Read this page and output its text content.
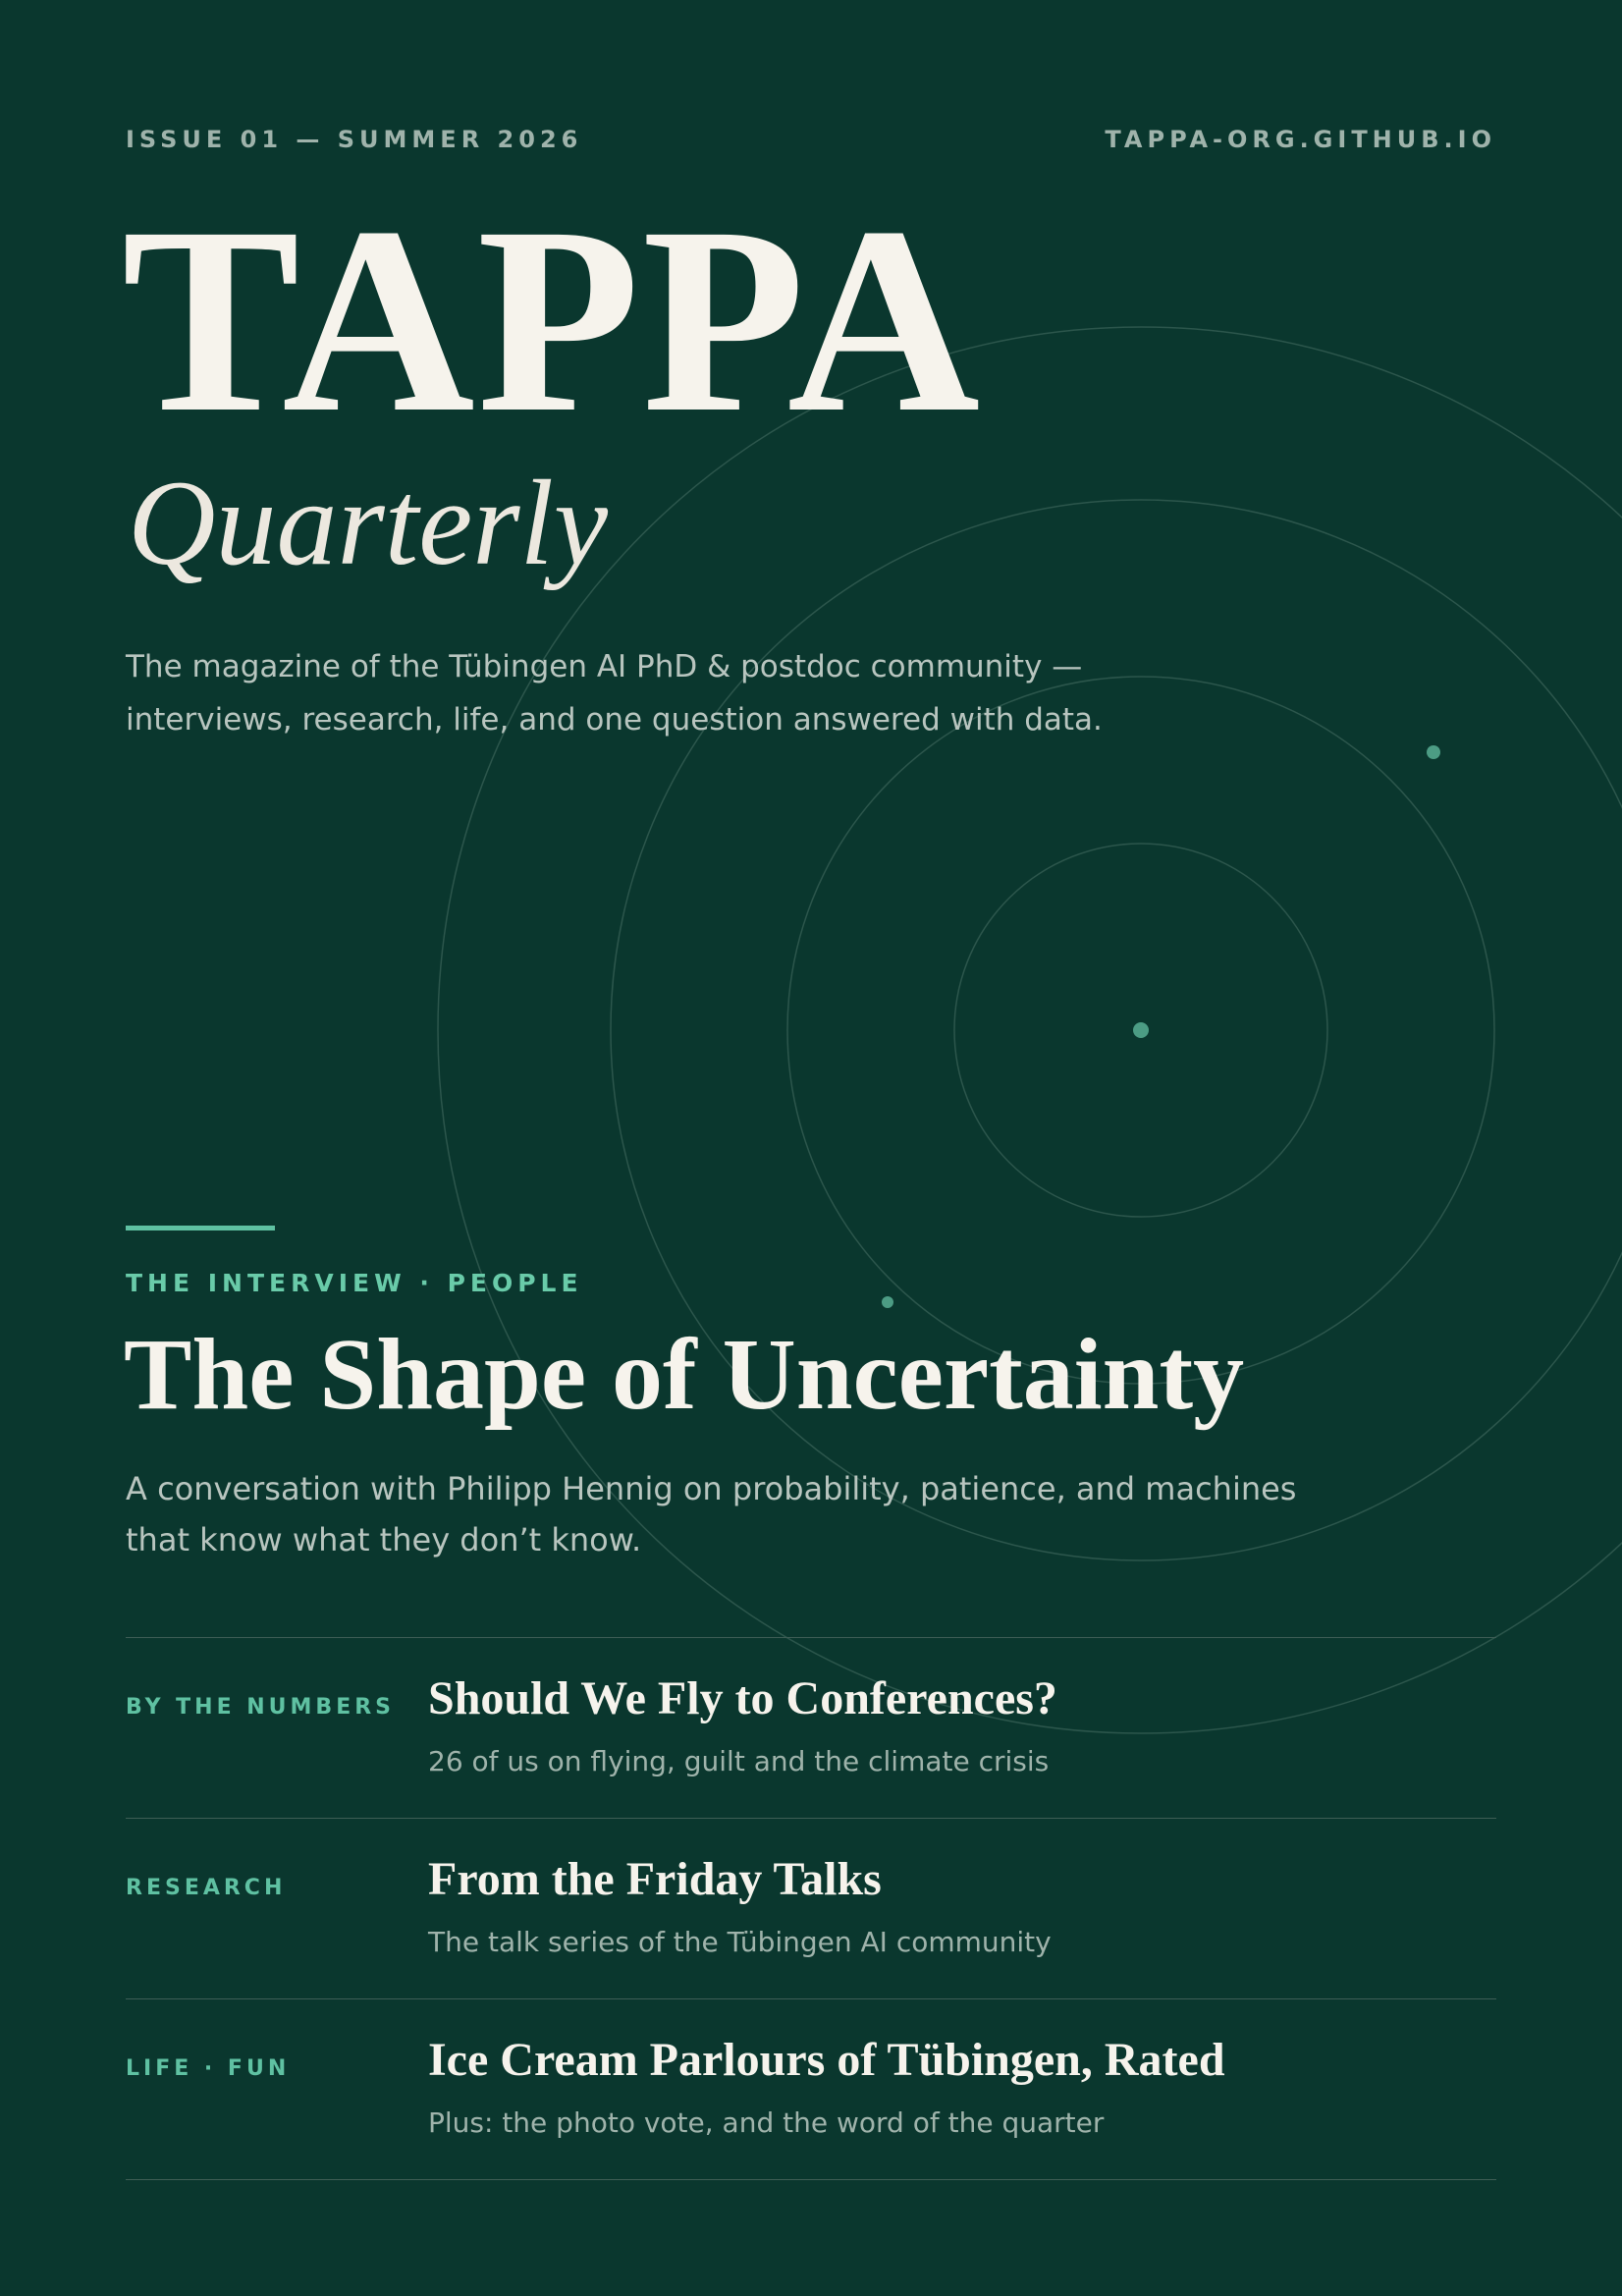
ISSUE 01 — SUMMER 2026	TAPPA-ORG.GITHUB.IO
TAPPA
Quarterly
The magazine of the Tübingen AI PhD & postdoc community — interviews, research, life, and one question answered with data.
THE INTERVIEW · PEOPLE
The Shape of Uncertainty
A conversation with Philipp Hennig on probability, patience, and machines that know what they don’t know.
BY THE NUMBERS Should We Fly to Conferences?
26 of us on flying, guilt and the climate crisis
RESEARCH	From the Friday Talks
The talk series of the Tübingen AI community
LIFE · FUN	Ice Cream Parlours of Tübingen, Rated
Plus: the photo vote, and the word of the quarter
